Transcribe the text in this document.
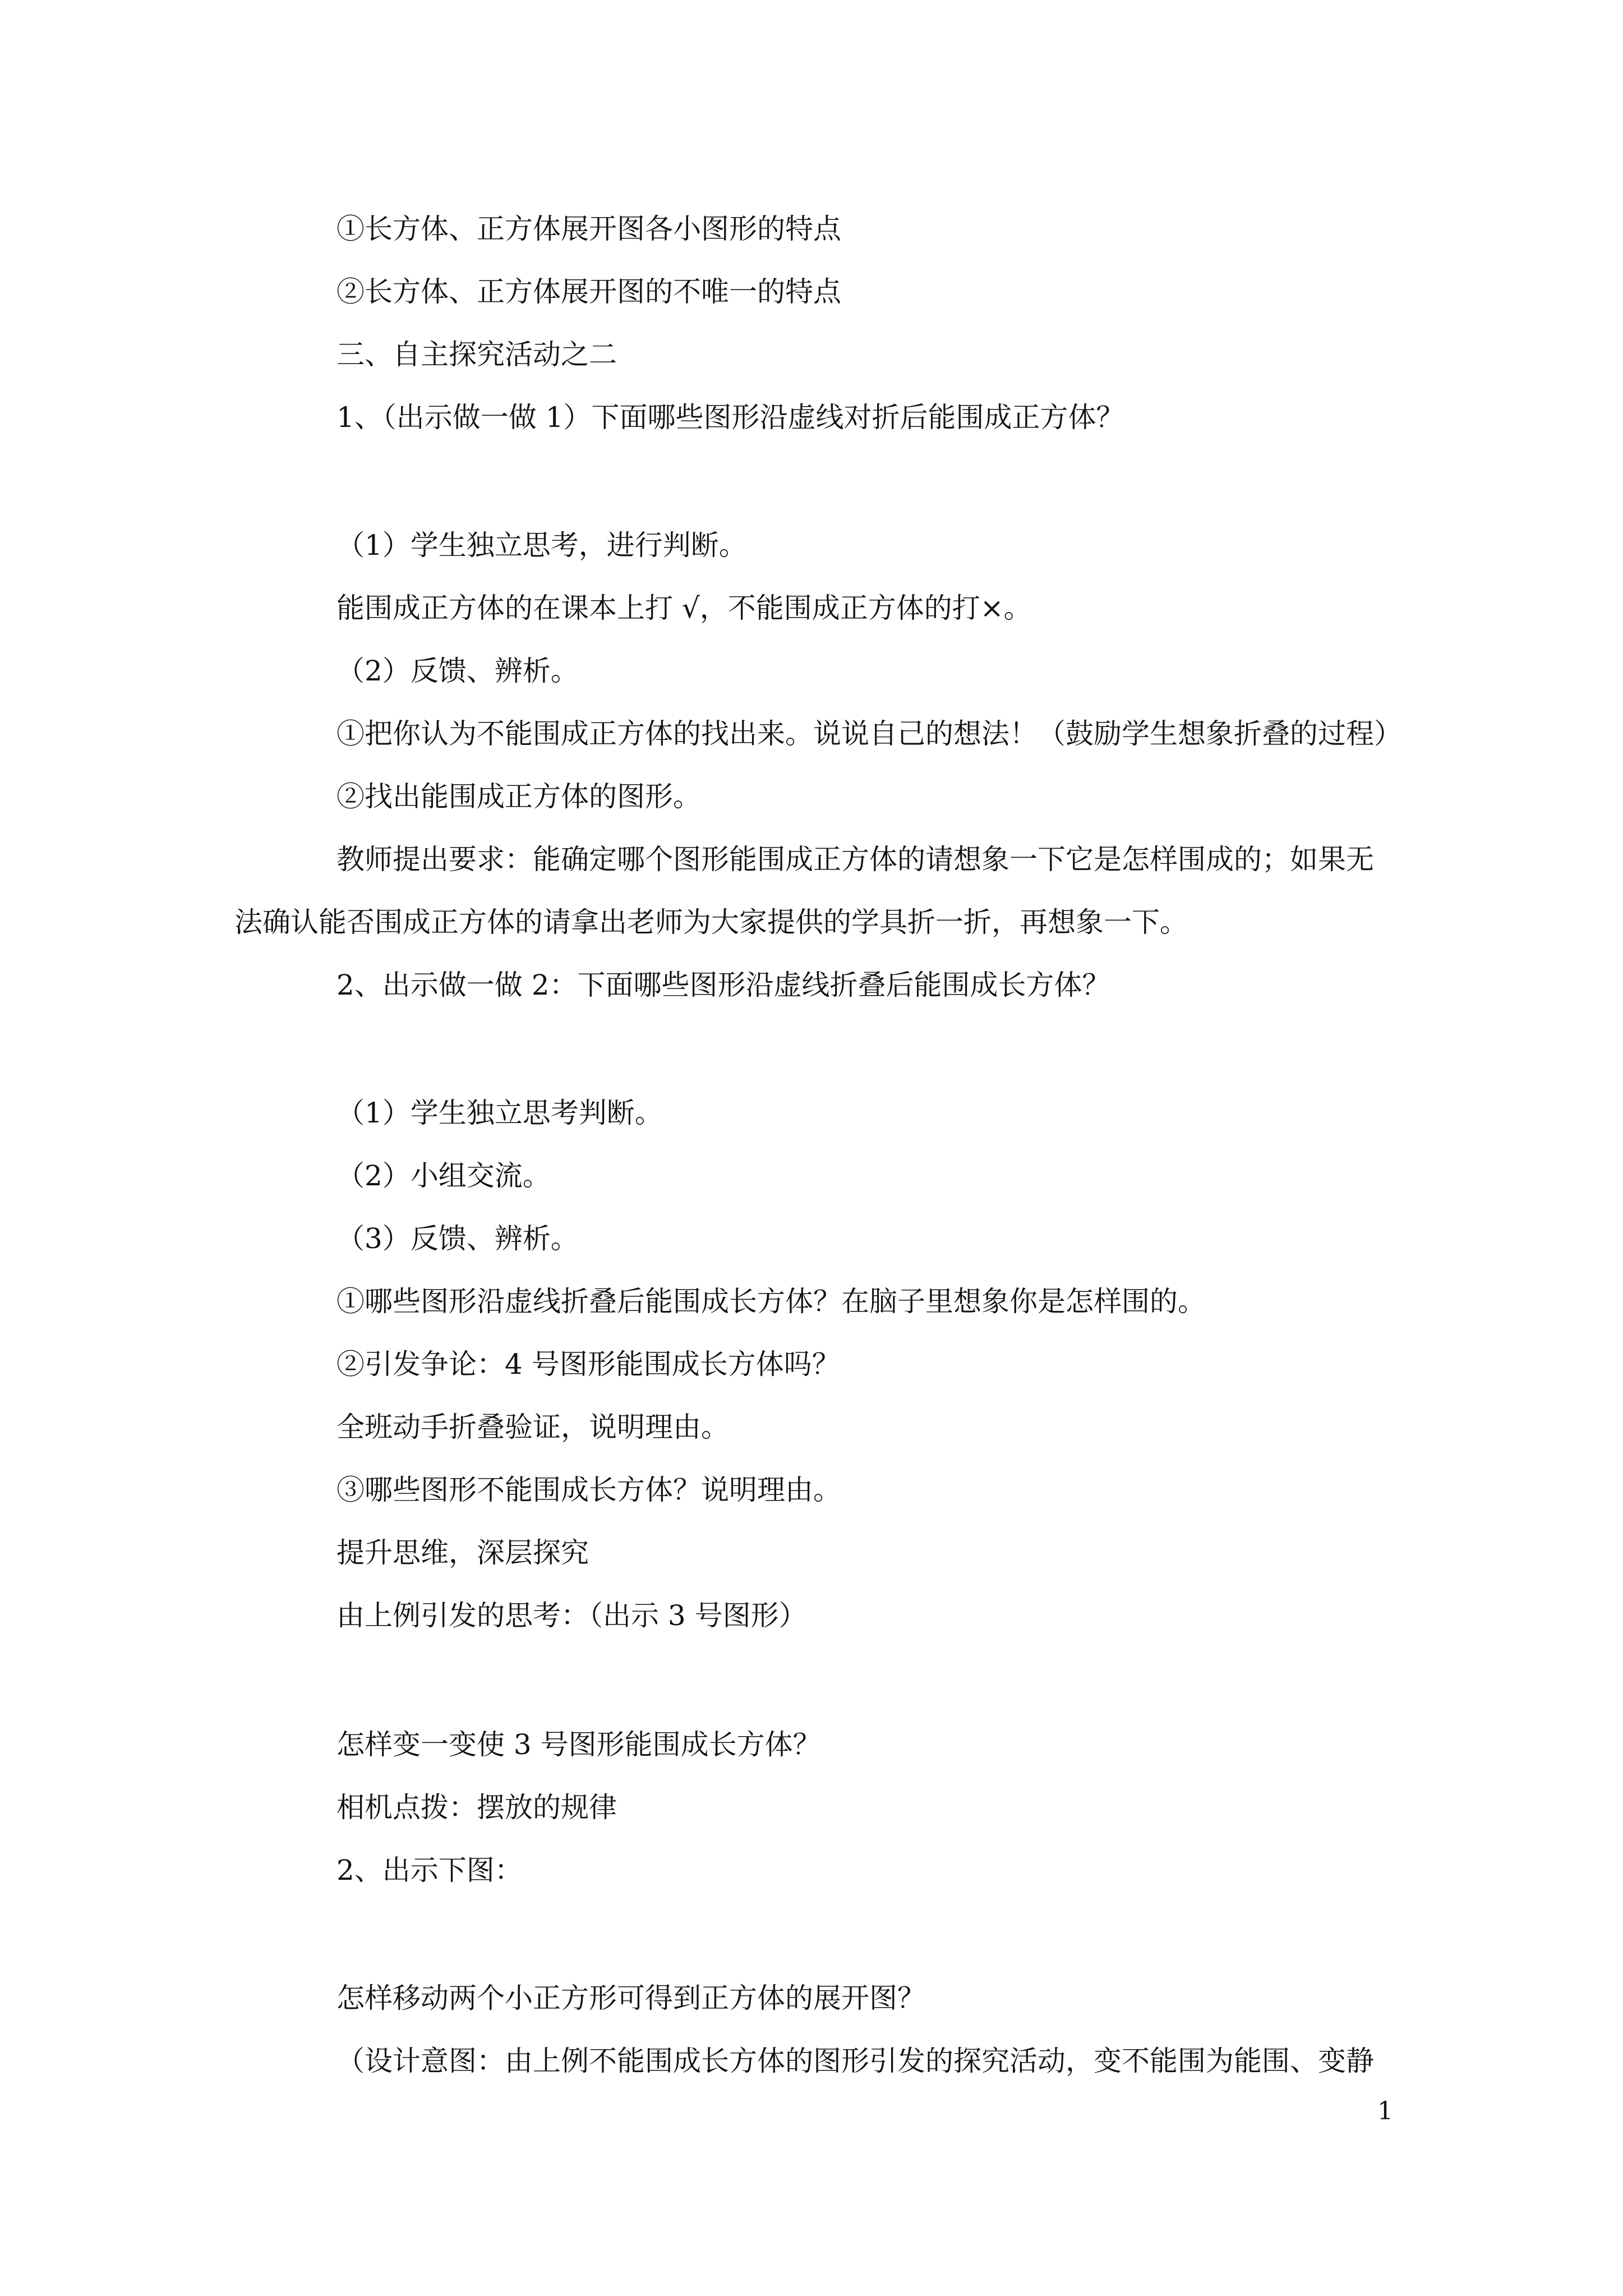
①长方体、正方体展开图各小图形的特点
②长方体、正方体展开图的不唯一的特点
三、自主探究活动之二
1、（出示做一做 1）下面哪些图形沿虚线对折后能围成正方体？
（1）学生独立思考，进行判断。
能围成正方体的在课本上打 √，不能围成正方体的打×。
（2）反馈、辨析。
①把你认为不能围成正方体的找出来。说说自己的想法！（鼓励学生想象折叠的过程）
②找出能围成正方体的图形。
教师提出要求：能确定哪个图形能围成正方体的请想象一下它是怎样围成的；如果无
法确认能否围成正方体的请拿出老师为大家提供的学具折一折，再想象一下。
2、出示做一做 2：下面哪些图形沿虚线折叠后能围成长方体？
（1）学生独立思考判断。
（2）小组交流。
（3）反馈、辨析。
①哪些图形沿虚线折叠后能围成长方体？在脑子里想象你是怎样围的。
②引发争论：4 号图形能围成长方体吗？
全班动手折叠验证，说明理由。
③哪些图形不能围成长方体？说明理由。
提升思维，深层探究
由上例引发的思考：（出示 3 号图形）
怎样变一变使 3 号图形能围成长方体？
相机点拨：摆放的规律
2、出示下图：
怎样移动两个小正方形可得到正方体的展开图？
（设计意图：由上例不能围成长方体的图形引发的探究活动，变不能围为能围、变静
1
